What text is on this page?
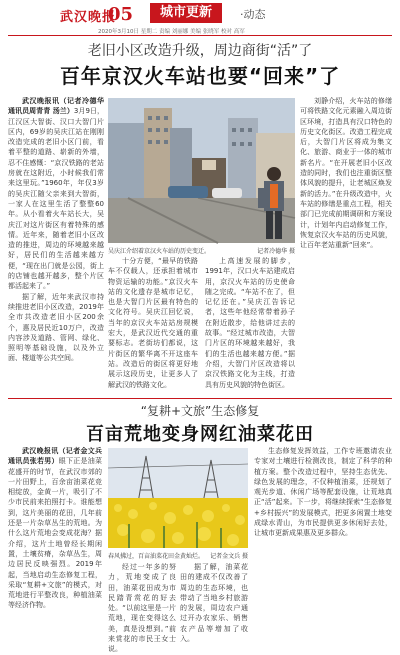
武汉晚报
05	城市更新	·动态
2020年3月10日 星期二 责编 刘丽娜 美编 张晓军 校对 高军
老旧小区改造升级，周边商街“活”了
百年京汉火车站也要“回来”了

武汉晚报讯（记者冷德华 通讯员周青青 汤兰）3月9日，江汉区大智街、汉口大智门片区内，69岁的吴庆江站在刚刚改造完成的老旧小区门前，看着平整的道路、崭新的外墙，忍不住感慨：“京汉铁路的老站房就在这附近，小时候我们常来这里玩。”1960年，年仅3岁的吴庆江随父亲来到大智街，一家人在这里生活了整整60年。从小看着火车站长大，吴庆江对这片街区有着特殊的感情。近年来，随着老旧小区改造的推进，周边的环境越来越好，居民们的生活越来越方便，“现在出门就是公园，街上的店铺也越开越多，整个片区都活起来了。”

据了解，近年来武汉市持续推进老旧小区改造，2019年全市共改造老旧小区200余个，惠及居民近10万户，改造内容涉及道路、管网、绿化、照明等基础设施，以及外立面、楼道等公共空间。

吴庆江介绍着京汉火车站的历史变迁。	记者冷德华 摄

十分方便，“最早的铁路车不仅载人，还承担着城市物资运输的功能。”京汉火车站的文化遗存是城市记忆，也是大智门片区最有特色的文化符号。吴庆江回忆说，当年的京汉火车站站房规模宏大，是武汉近代交通的重要标志。老街坊们都说，这片街区的繁华离不开这座车站。改造后的街区将更好地展示这段历史，让更多人了解武汉的铁路文化。

上高速发展的脚步，1991年，汉口火车站建成启用，京汉火车站的历史使命随之完成。“车站不在了，但记忆还在。”吴庆江告诉记者，这些年他经常带着孙子在附近散步，给他讲过去的故事。“经过城市改造，大智门片区的环境越来越好，我们的生活也越来越方便。”据介绍，大智门片区改造将以京汉铁路文化为主线，打造具有历史风貌的特色街区。

刘静介绍，火车站的修缮可将铁路文化元素融入周边街区环境，打造具有汉口特色的历史文化街区。改造工程完成后，大智门片区将成为集文化、旅游、商业于一体的城市新名片。“在开展老旧小区改造的同时，我们也注重街区整体风貌的提升，让老城区焕发新的活力。”在升级改造中，火车站的修缮是重点工程，相关部门已完成前期调研和方案设计，计划年内启动修复工作，恢复京汉火车站的历史风貌，让百年老站重新“回来”。

“复耕+文旅”生态修复
百亩荒地变身网红油菜花田

武汉晚报讯（记者金文兵 通讯员张若男）眼下正是油菜花盛开的时节，在武汉市郊的一片田野上，百余亩油菜花竞相绽放，金黄一片，吸引了不少市民前来拍照打卡。谁能想到，这片美丽的花田，几年前还是一片杂草丛生的荒地。为什么这片荒地会变成花海？据介绍，这片土地曾经长期闲置，土壤贫瘠，杂草丛生，周边居民反映强烈。2019年起，当地启动生态修复工程，采取“复耕+文旅”的模式，对荒地进行平整改良，种植油菜等经济作物。

春风拂过，百亩油菜花田金黄灿烂。 记者金文兵 摄

经过一年多的努力，荒地变成了良田，油菜花田成为市民踏青赏花的好去处。“以前这里是一片荒地，现在变得这么美，真是没想到。”前来赏花的市民王女士说。

据了解，油菜花田的建成不仅改善了周边的生态环境，也带动了当地乡村旅游的发展，周边农户通过开办农家乐、销售农产品等增加了收入。

生态修复发挥效益，工作专班邀请农业专家对土壤进行检测改良，制定了科学的种植方案。整个改造过程中，坚持生态优先、绿色发展的理念，不仅种植油菜，还规划了观光步道、休闲广场等配套设施，让荒地真正“活”起来。下一步，将继续探索“生态修复+乡村振兴”的发展模式，把更多闲置土地变成绿水青山，为市民提供更多休闲好去处，让城市更新成果惠及更多群众。
